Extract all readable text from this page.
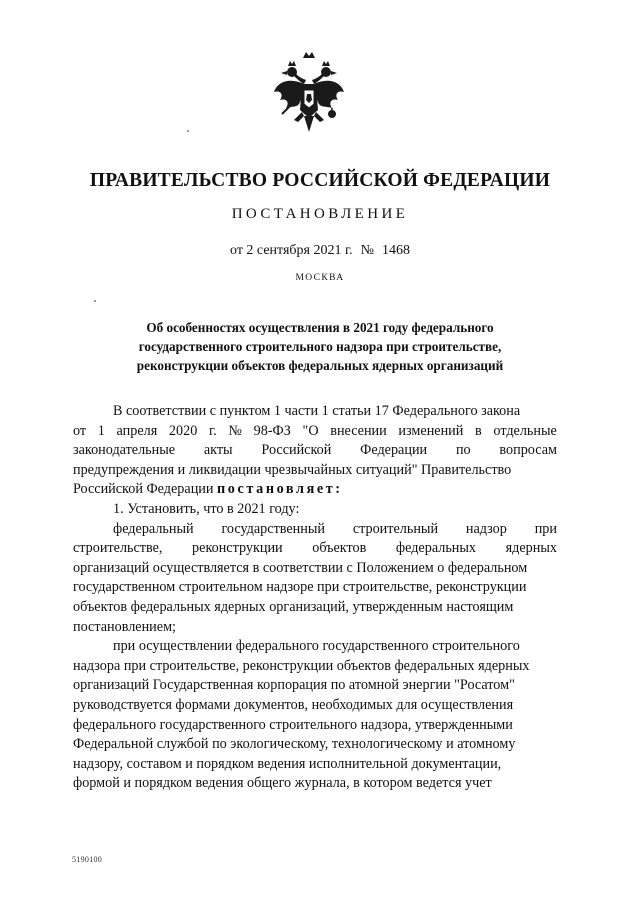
ПРАВИТЕЛЬСТВО РОССИЙСКОЙ ФЕДЕРАЦИИ
ПОСТАНОВЛЕНИЕ
от 2 сентября 2021 г. № 1468
МОСКВА
Об особенностях осуществления в 2021 году федерального
государственного строительного надзора при строительстве,
реконструкции объектов федеральных ядерных организаций
В соответствии с пунктом 1 части 1 статьи 17 Федерального закона
от 1 апреля 2020 г. № 98-ФЗ "О внесении изменений в отдельные
законодательные акты Российской Федерации по вопросам
предупреждения и ликвидации чрезвычайных ситуаций" Правительство
Российской Федерации постановляет:
1. Установить, что в 2021 году:
федеральный государственный строительный надзор при
строительстве, реконструкции объектов федеральных ядерных
организаций осуществляется в соответствии с Положением о федеральном
государственном строительном надзоре при строительстве, реконструкции
объектов федеральных ядерных организаций, утвержденным настоящим
постановлением;
при осуществлении федерального государственного строительного
надзора при строительстве, реконструкции объектов федеральных ядерных
организаций Государственная корпорация по атомной энергии "Росатом"
руководствуется формами документов, необходимых для осуществления
федерального государственного строительного надзора, утвержденными
Федеральной службой по экологическому, технологическому и атомному
надзору, составом и порядком ведения исполнительной документации,
формой и порядком ведения общего журнала, в котором ведется учет
5190100
